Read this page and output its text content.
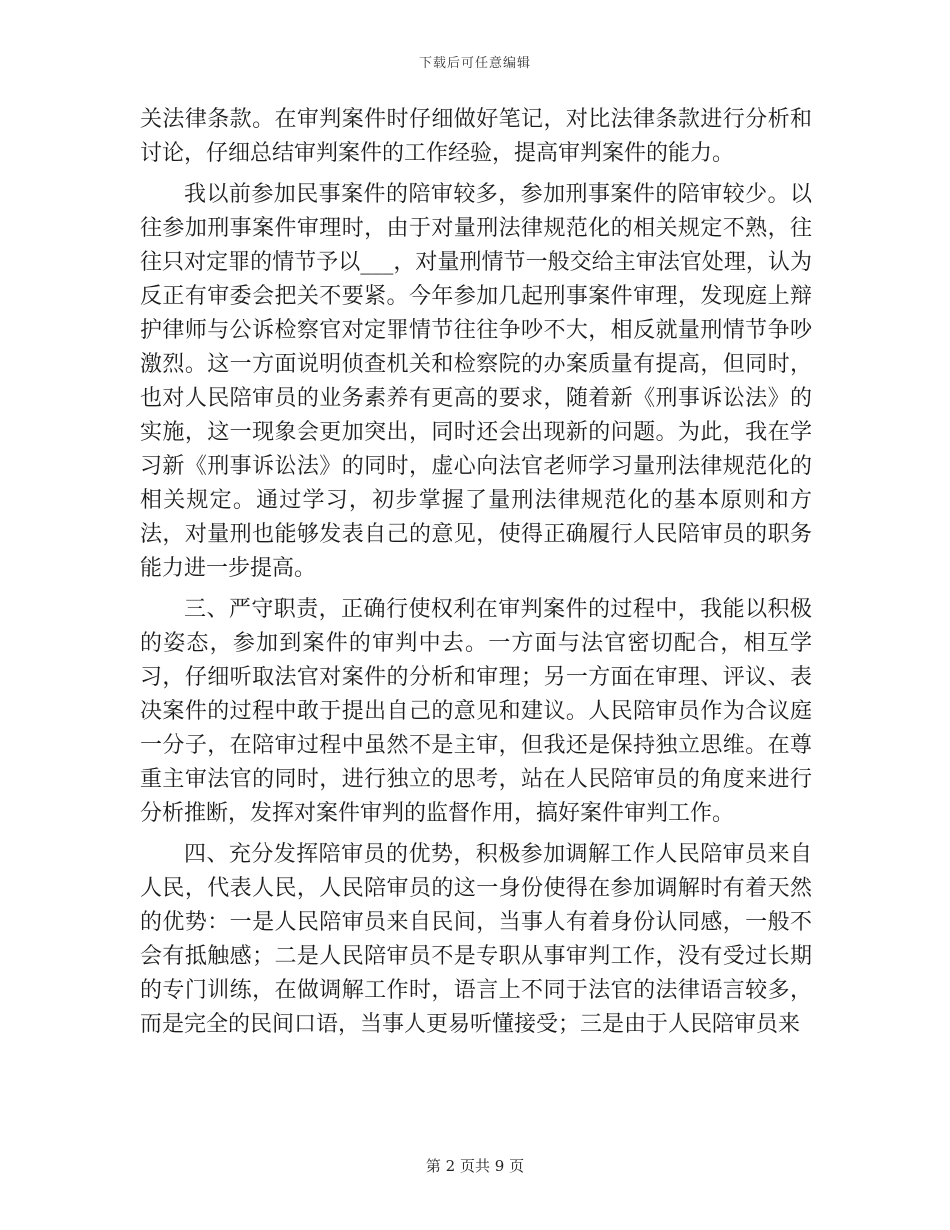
下载后可任意编辑

关法律条款。在审判案件时仔细做好笔记，对比法律条款进行分析和讨论，仔细总结审判案件的工作经验，提高审判案件的能力。

我以前参加民事案件的陪审较多，参加刑事案件的陪审较少。以往参加刑事案件审理时，由于对量刑法律规范化的相关规定不熟，往往只对定罪的情节予以___，对量刑情节一般交给主审法官处理，认为反正有审委会把关不要紧。今年参加几起刑事案件审理，发现庭上辩护律师与公诉检察官对定罪情节往往争吵不大，相反就量刑情节争吵激烈。这一方面说明侦查机关和检察院的办案质量有提高，但同时，也对人民陪审员的业务素养有更高的要求，随着新《刑事诉讼法》的实施，这一现象会更加突出，同时还会出现新的问题。为此，我在学习新《刑事诉讼法》的同时，虚心向法官老师学习量刑法律规范化的相关规定。通过学习，初步掌握了量刑法律规范化的基本原则和方法，对量刑也能够发表自己的意见，使得正确履行人民陪审员的职务能力进一步提高。

三、严守职责，正确行使权利在审判案件的过程中，我能以积极的姿态，参加到案件的审判中去。一方面与法官密切配合，相互学习，仔细听取法官对案件的分析和审理；另一方面在审理、评议、表决案件的过程中敢于提出自己的意见和建议。人民陪审员作为合议庭一分子，在陪审过程中虽然不是主审，但我还是保持独立思维。在尊重主审法官的同时，进行独立的思考，站在人民陪审员的角度来进行分析推断，发挥对案件审判的监督作用，搞好案件审判工作。

四、充分发挥陪审员的优势，积极参加调解工作人民陪审员来自人民，代表人民，人民陪审员的这一身份使得在参加调解时有着天然的优势：一是人民陪审员来自民间，当事人有着身份认同感，一般不会有抵触感；二是人民陪审员不是专职从事审判工作，没有受过长期的专门训练，在做调解工作时，语言上不同于法官的法律语言较多，而是完全的民间口语，当事人更易听懂接受；三是由于人民陪审员来

第 2 页共 9 页
